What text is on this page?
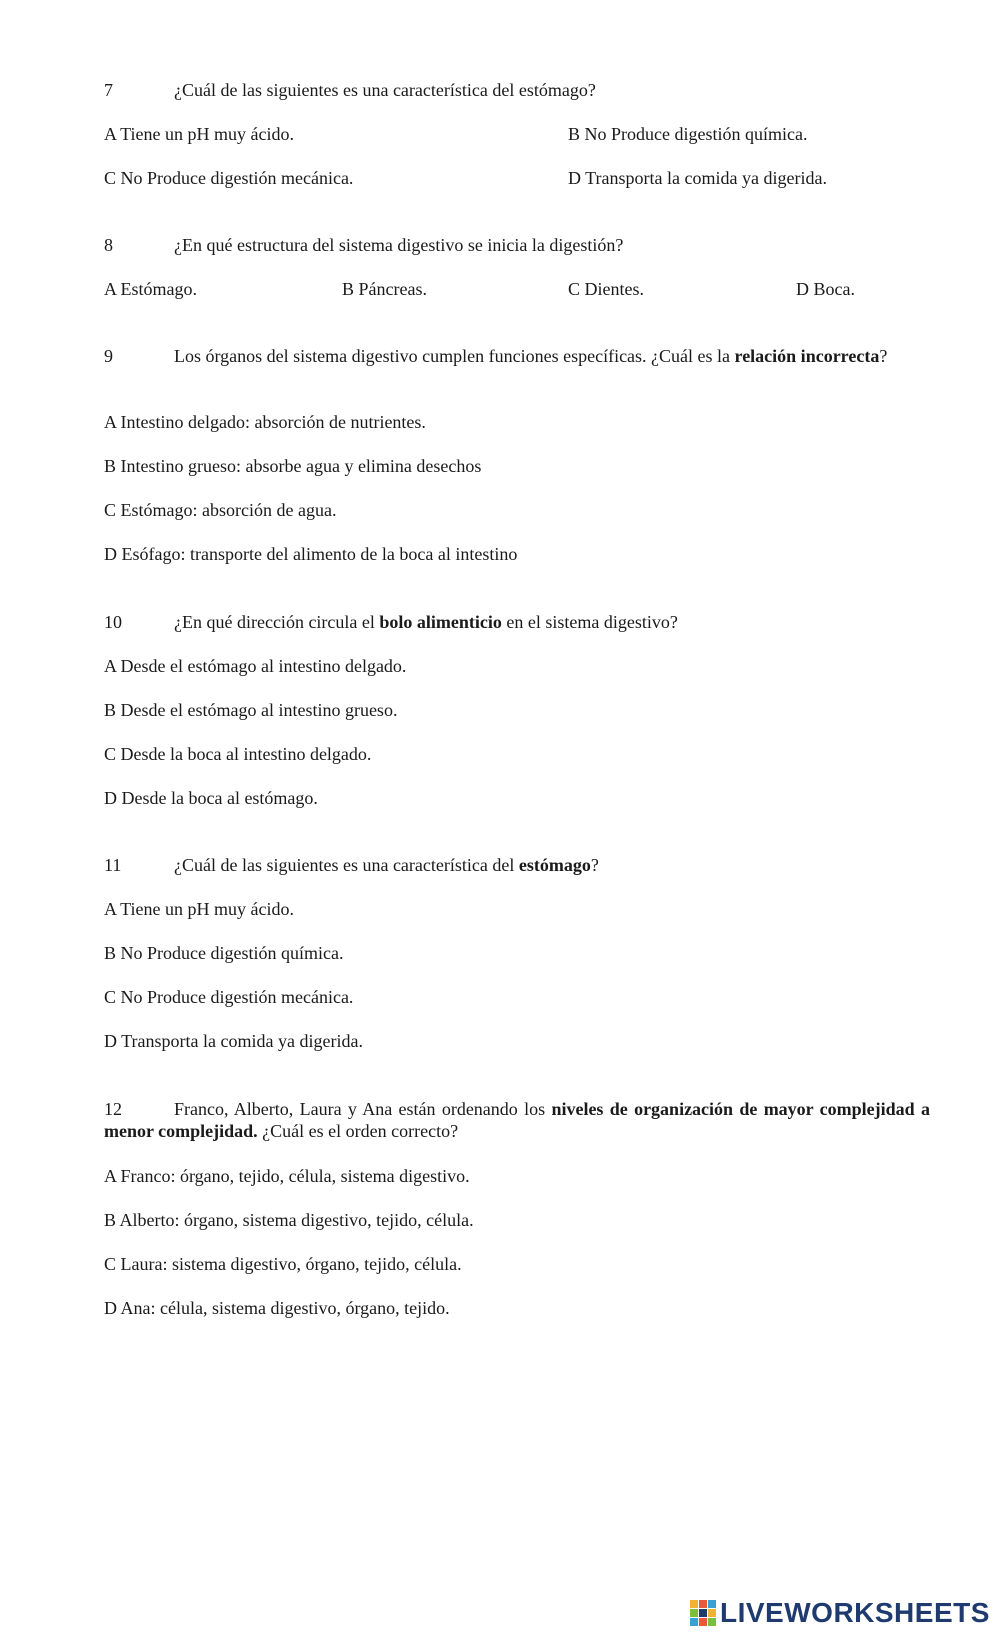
7	¿Cuál de las siguientes es una característica del estómago?
A Tiene un pH muy ácido.	B No Produce digestión química.
C No Produce digestión mecánica.	D Transporta la comida ya digerida.
8	¿En qué estructura del sistema digestivo se inicia la digestión?
A Estómago.	B Páncreas.	C Dientes.	D Boca.
9	Los órganos del sistema digestivo cumplen funciones específicas. ¿Cuál es la relación incorrecta?
A Intestino delgado: absorción de nutrientes.
B Intestino grueso: absorbe agua y elimina desechos
C Estómago: absorción de agua.
D Esófago: transporte del alimento de la boca al intestino
10	¿En qué dirección circula el bolo alimenticio en el sistema digestivo?
A Desde el estómago al intestino delgado.
B Desde el estómago al intestino grueso.
C Desde la boca al intestino delgado.
D Desde la boca al estómago.
11	¿Cuál de las siguientes es una característica del estómago?
A Tiene un pH muy ácido.
B No Produce digestión química.
C No Produce digestión mecánica.
D Transporta la comida ya digerida.
12	Franco, Alberto, Laura y Ana están ordenando los niveles de organización de mayor complejidad a menor complejidad. ¿Cuál es el orden correcto?
A Franco: órgano, tejido, célula, sistema digestivo.
B Alberto: órgano, sistema digestivo, tejido, célula.
C Laura: sistema digestivo, órgano, tejido, célula.
D Ana: célula, sistema digestivo, órgano, tejido.
LIVEWORKSHEETS
